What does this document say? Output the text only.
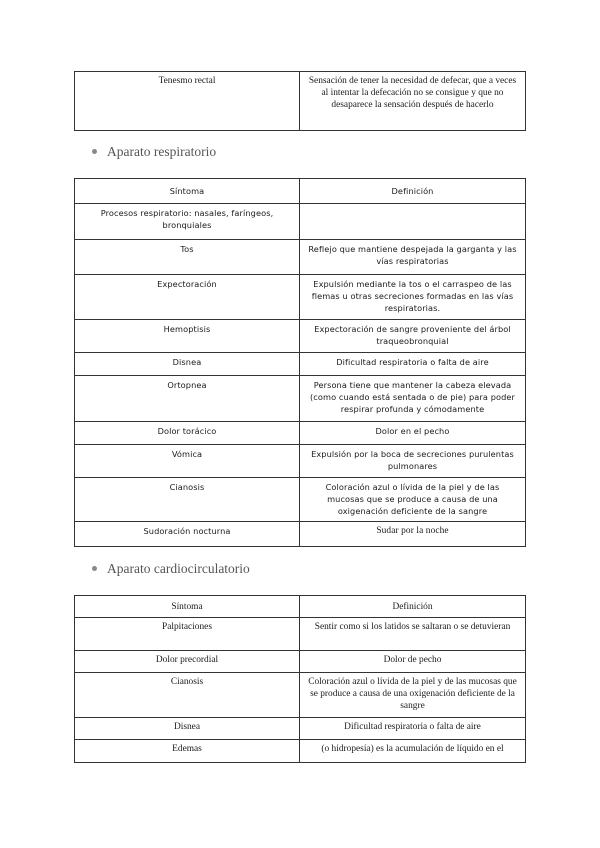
Tenesmo rectal	Sensación de tener la necesidad de defecar, que a veces al intentar la defecación no se consigue y que no desaparece la sensación después de hacerlo
Aparato respiratorio
Síntoma	Definición
Procesos respiratorio: nasales, faríngeos, bronquiales	
Tos	Reflejo que mantiene despejada la garganta y las vías respiratorias
Expectoración	Expulsión mediante la tos o el carraspeo de las flemas u otras secreciones formadas en las vías respiratorias.
Hemoptisis	Expectoración de sangre proveniente del árbol traqueobronquial
Disnea	Dificultad respiratoria o falta de aire
Ortopnea	Persona tiene que mantener la cabeza elevada (como cuando está sentada o de pie) para poder respirar profunda y cómodamente
Dolor torácico	Dolor en el pecho
Vómica	Expulsión por la boca de secreciones purulentas pulmonares
Cianosis	Coloración azul o lívida de la piel y de las mucosas que se produce a causa de una oxigenación deficiente de la sangre
Sudoración nocturna	Sudar por la noche
Aparato cardiocirculatorio
Síntoma	Definición
Palpitaciones	Sentir como si los latidos se saltaran o se detuvieran
Dolor precordial	Dolor de pecho
Cianosis	Coloración azul o lívida de la piel y de las mucosas que se produce a causa de una oxigenación deficiente de la sangre
Disnea	Dificultad respiratoria o falta de aire
Edemas	(o hidropesía) es la acumulación de líquido en el
